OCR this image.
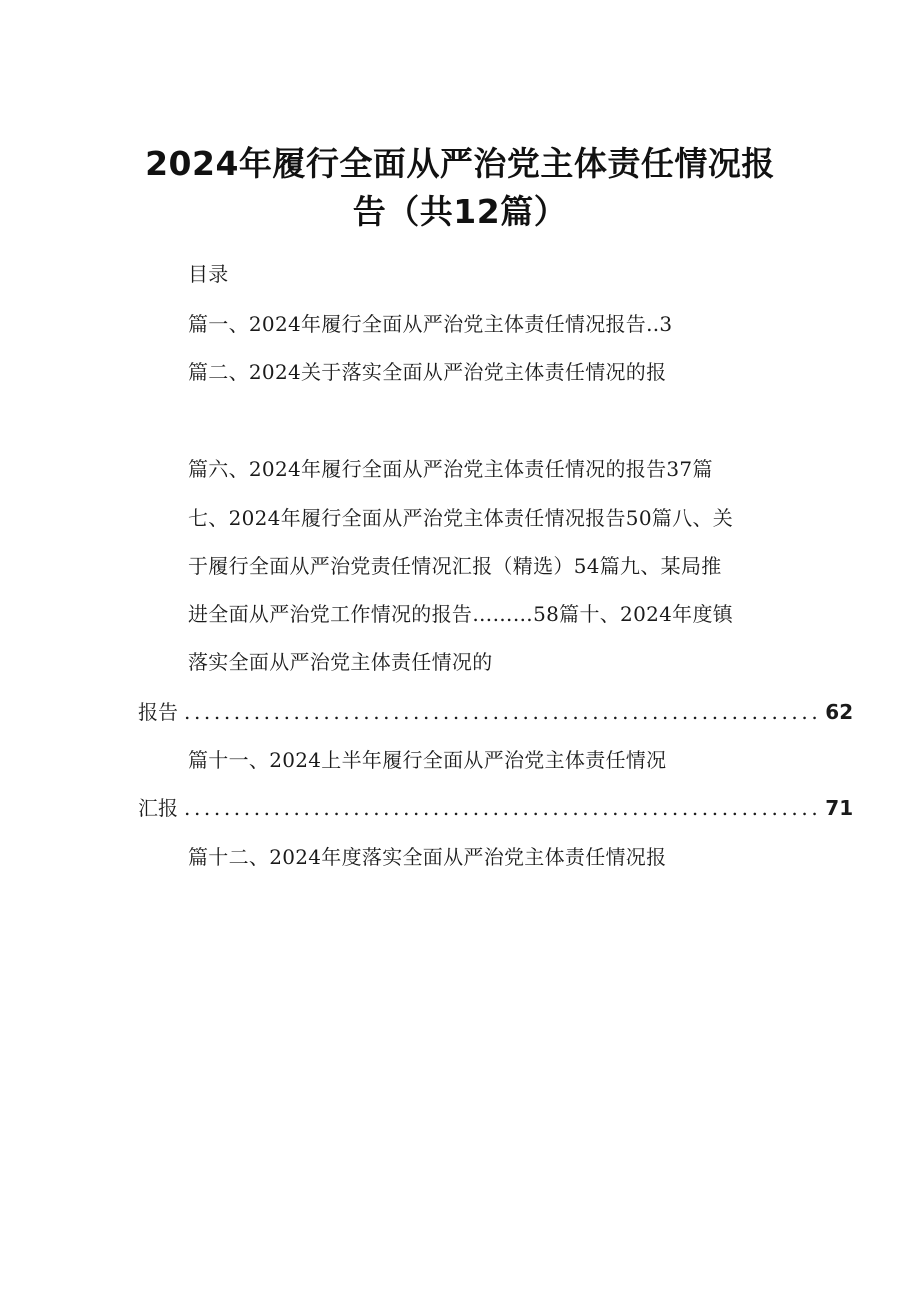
2024年履行全面从严治党主体责任情况报
告（共12篇）
目录
篇一、2024年履行全面从严治党主体责任情况报告..3
篇二、2024关于落实全面从严治党主体责任情况的报
篇六、2024年履行全面从严治党主体责任情况的报告37篇
七、2024年履行全面从严治党主体责任情况报告50篇八、关
于履行全面从严治党责任情况汇报（精选）54篇九、某局推
进全面从严治党工作情况的报告………58篇十、2024年度镇
落实全面从严治党主体责任情况的
报告 ................................................................ 62
篇十一、2024上半年履行全面从严治党主体责任情况
汇报 ................................................................ 71
篇十二、2024年度落实全面从严治党主体责任情况报
